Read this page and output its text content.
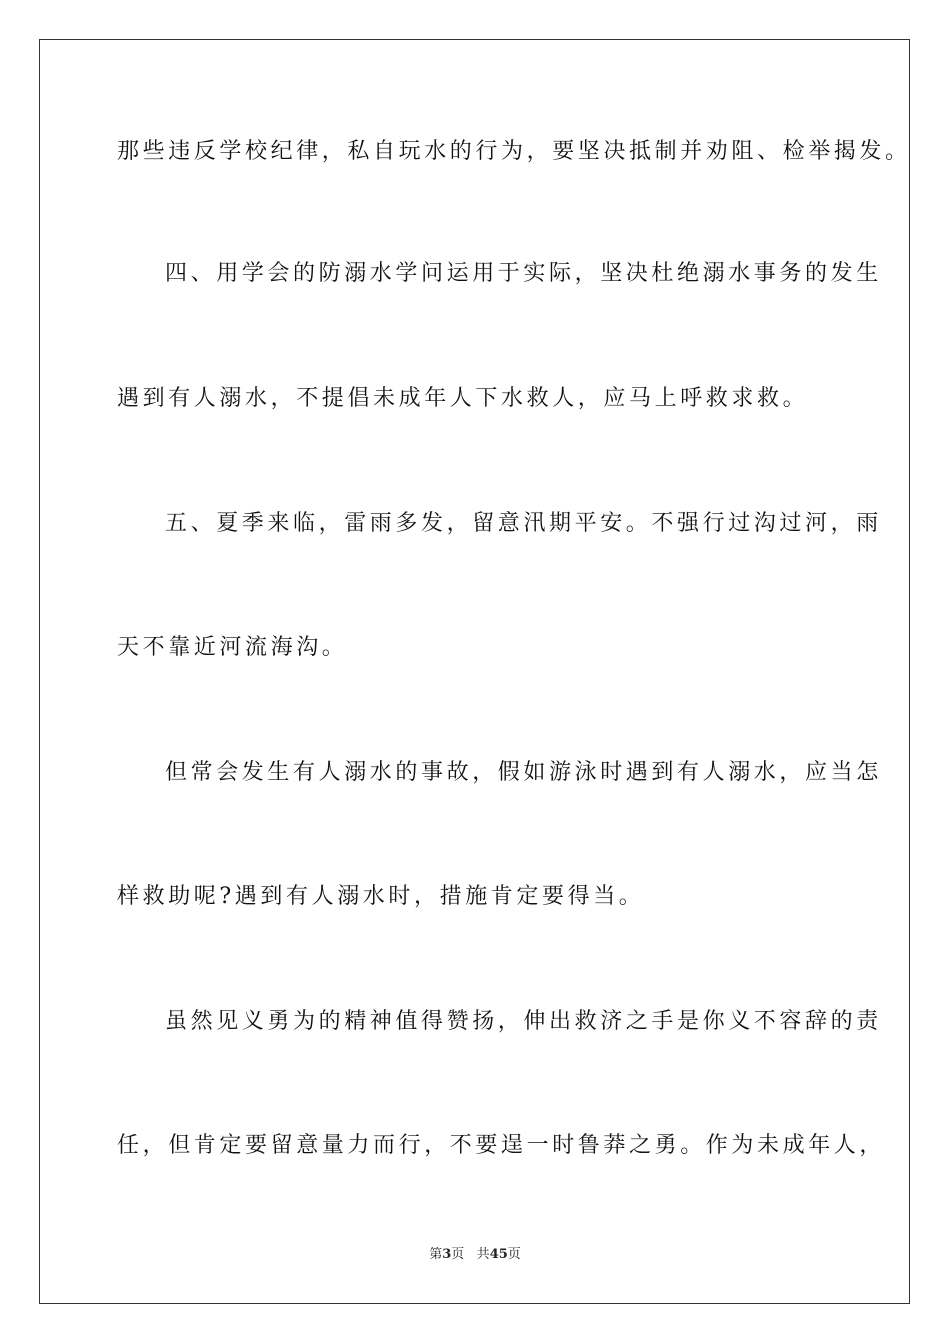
那些违反学校纪律，私自玩水的行为，要坚决抵制并劝阻、检举揭发。
四、用学会的防溺水学问运用于实际，坚决杜绝溺水事务的发生
遇到有人溺水，不提倡未成年人下水救人，应马上呼救求救。
五、夏季来临，雷雨多发，留意汛期平安。不强行过沟过河，雨
天不靠近河流海沟。
但常会发生有人溺水的事故，假如游泳时遇到有人溺水，应当怎
样救助呢?遇到有人溺水时，措施肯定要得当。
虽然见义勇为的精神值得赞扬，伸出救济之手是你义不容辞的责
任，但肯定要留意量力而行，不要逞一时鲁莽之勇。作为未成年人，
第3页 共45页
